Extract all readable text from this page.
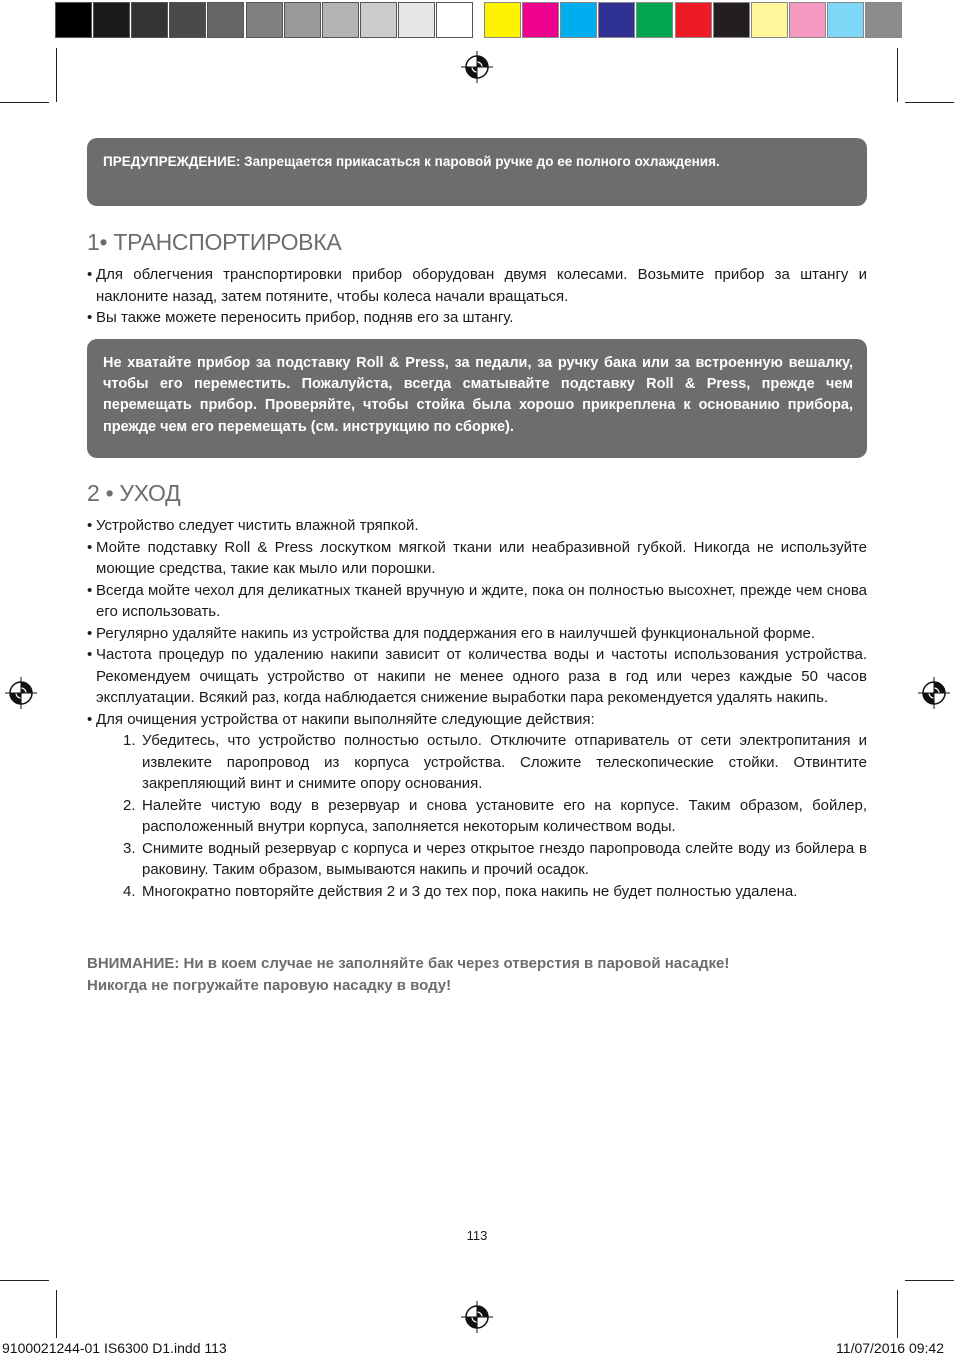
ПРЕДУПРЕЖДЕНИЕ: Запрещается прикасаться к паровой ручке до ее полного охлаждения.

1• ТРАНСПОРТИРОВКА

• Для облегчения транспортировки прибор оборудован двумя колесами. Возьмите прибор за штангу и наклоните назад, затем потяните, чтобы колеса начали вращаться.

• Вы также можете переносить прибор, подняв его за штангу.

Не хватайте прибор за подставку Roll & Press, за педали, за ручку бака или за встроенную вешалку, чтобы его переместить. Пожалуйста, всегда сматывайте подставку Roll & Press, прежде чем перемещать прибор. Проверяйте, чтобы стойка была хорошо прикреплена к основанию прибора, прежде чем его перемещать (см. инструкцию по сборке).

2 • УХОД

• Устройство следует чистить влажной тряпкой.

• Мойте подставку Roll & Press лоскутком мягкой ткани или неабразивной губкой. Никогда не используйте моющие средства, такие как мыло или порошки.

• Всегда мойте чехол для деликатных тканей вручную и ждите, пока он полностью высохнет, прежде чем снова его использовать.

• Регулярно удаляйте накипь из устройства для поддержания его в наилучшей функциональной форме.

• Частота процедур по удалению накипи зависит от количества воды и частоты использования устройства. Рекомендуем очищать устройство от накипи не менее одного раза в год или через каждые 50 часов эксплуатации. Всякий раз, когда наблюдается снижение выработки пара рекомендуется удалять накипь.

• Для очищения устройства от накипи выполняйте следующие действия:

1. Убедитесь, что устройство полностью остыло. Отключите отпариватель от сети электропитания и извлеките паропровод из корпуса устройства. Сложите телескопические стойки. Отвинтите закрепляющий винт и снимите опору основания.

2. Налейте чистую воду в резервуар и снова установите его на корпусе. Таким образом, бойлер, расположенный внутри корпуса, заполняется некоторым количеством воды.

3. Снимите водный резервуар с корпуса и через открытое гнездо паропровода слейте воду из бойлера в раковину. Таким образом, вымываются накипь и прочий осадок.

4. Многократно повторяйте действия 2 и 3 до тех пор, пока накипь не будет полностью удалена.

ВНИМАНИЕ: Ни в коем случае не заполняйте бак через отверстия в паровой насадке!
Никогда не погружайте паровую насадку в воду!
113
9100021244-01 IS6300 D1.indd 113	11/07/2016 09:42
